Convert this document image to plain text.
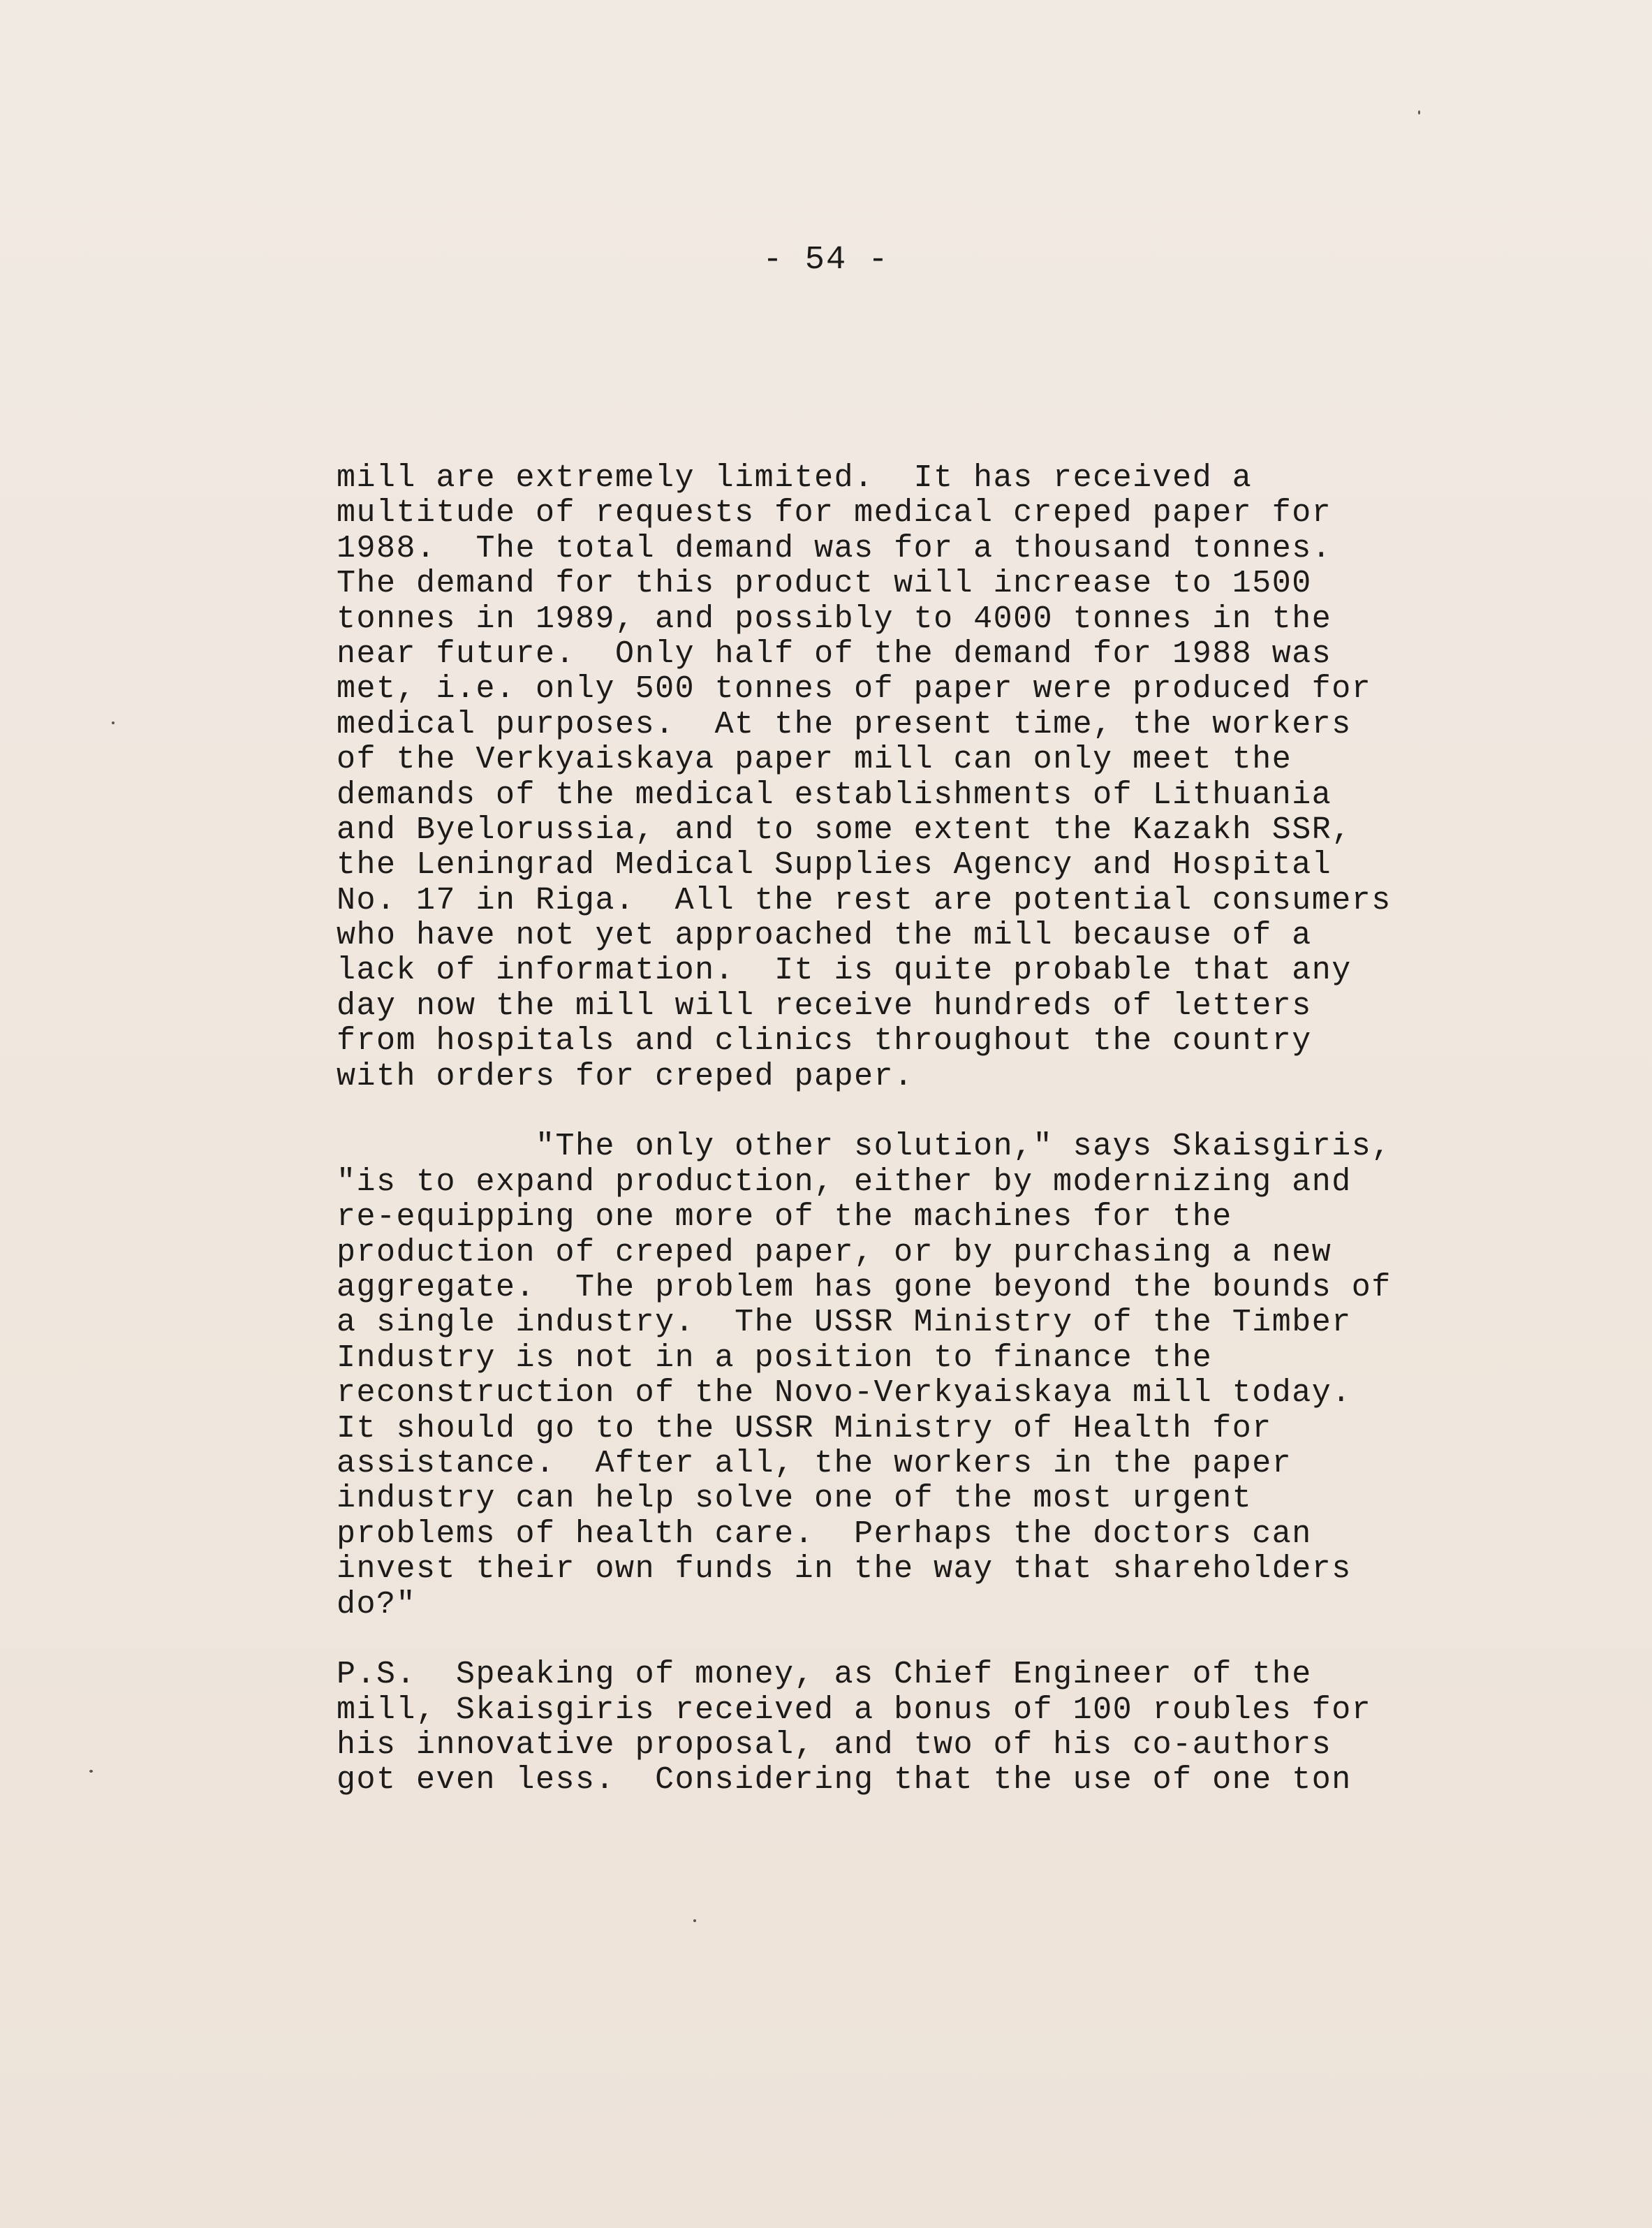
- 54 -
mill are extremely limited.  It has received a
multitude of requests for medical creped paper for
1988.  The total demand was for a thousand tonnes.
The demand for this product will increase to 1500
tonnes in 1989, and possibly to 4000 tonnes in the
near future.  Only half of the demand for 1988 was
met, i.e. only 500 tonnes of paper were produced for
medical purposes.  At the present time, the workers
of the Verkyaiskaya paper mill can only meet the
demands of the medical establishments of Lithuania
and Byelorussia, and to some extent the Kazakh SSR,
the Leningrad Medical Supplies Agency and Hospital
No. 17 in Riga.  All the rest are potential consumers
who have not yet approached the mill because of a
lack of information.  It is quite probable that any
day now the mill will receive hundreds of letters
from hospitals and clinics throughout the country
with orders for creped paper.
"The only other solution," says Skaisgiris,
"is to expand production, either by modernizing and
re-equipping one more of the machines for the
production of creped paper, or by purchasing a new
aggregate.  The problem has gone beyond the bounds of
a single industry.  The USSR Ministry of the Timber
Industry is not in a position to finance the
reconstruction of the Novo-Verkyaiskaya mill today.
It should go to the USSR Ministry of Health for
assistance.  After all, the workers in the paper
industry can help solve one of the most urgent
problems of health care.  Perhaps the doctors can
invest their own funds in the way that shareholders
do?"
P.S.  Speaking of money, as Chief Engineer of the
mill, Skaisgiris received a bonus of 100 roubles for
his innovative proposal, and two of his co-authors
got even less.  Considering that the use of one ton
